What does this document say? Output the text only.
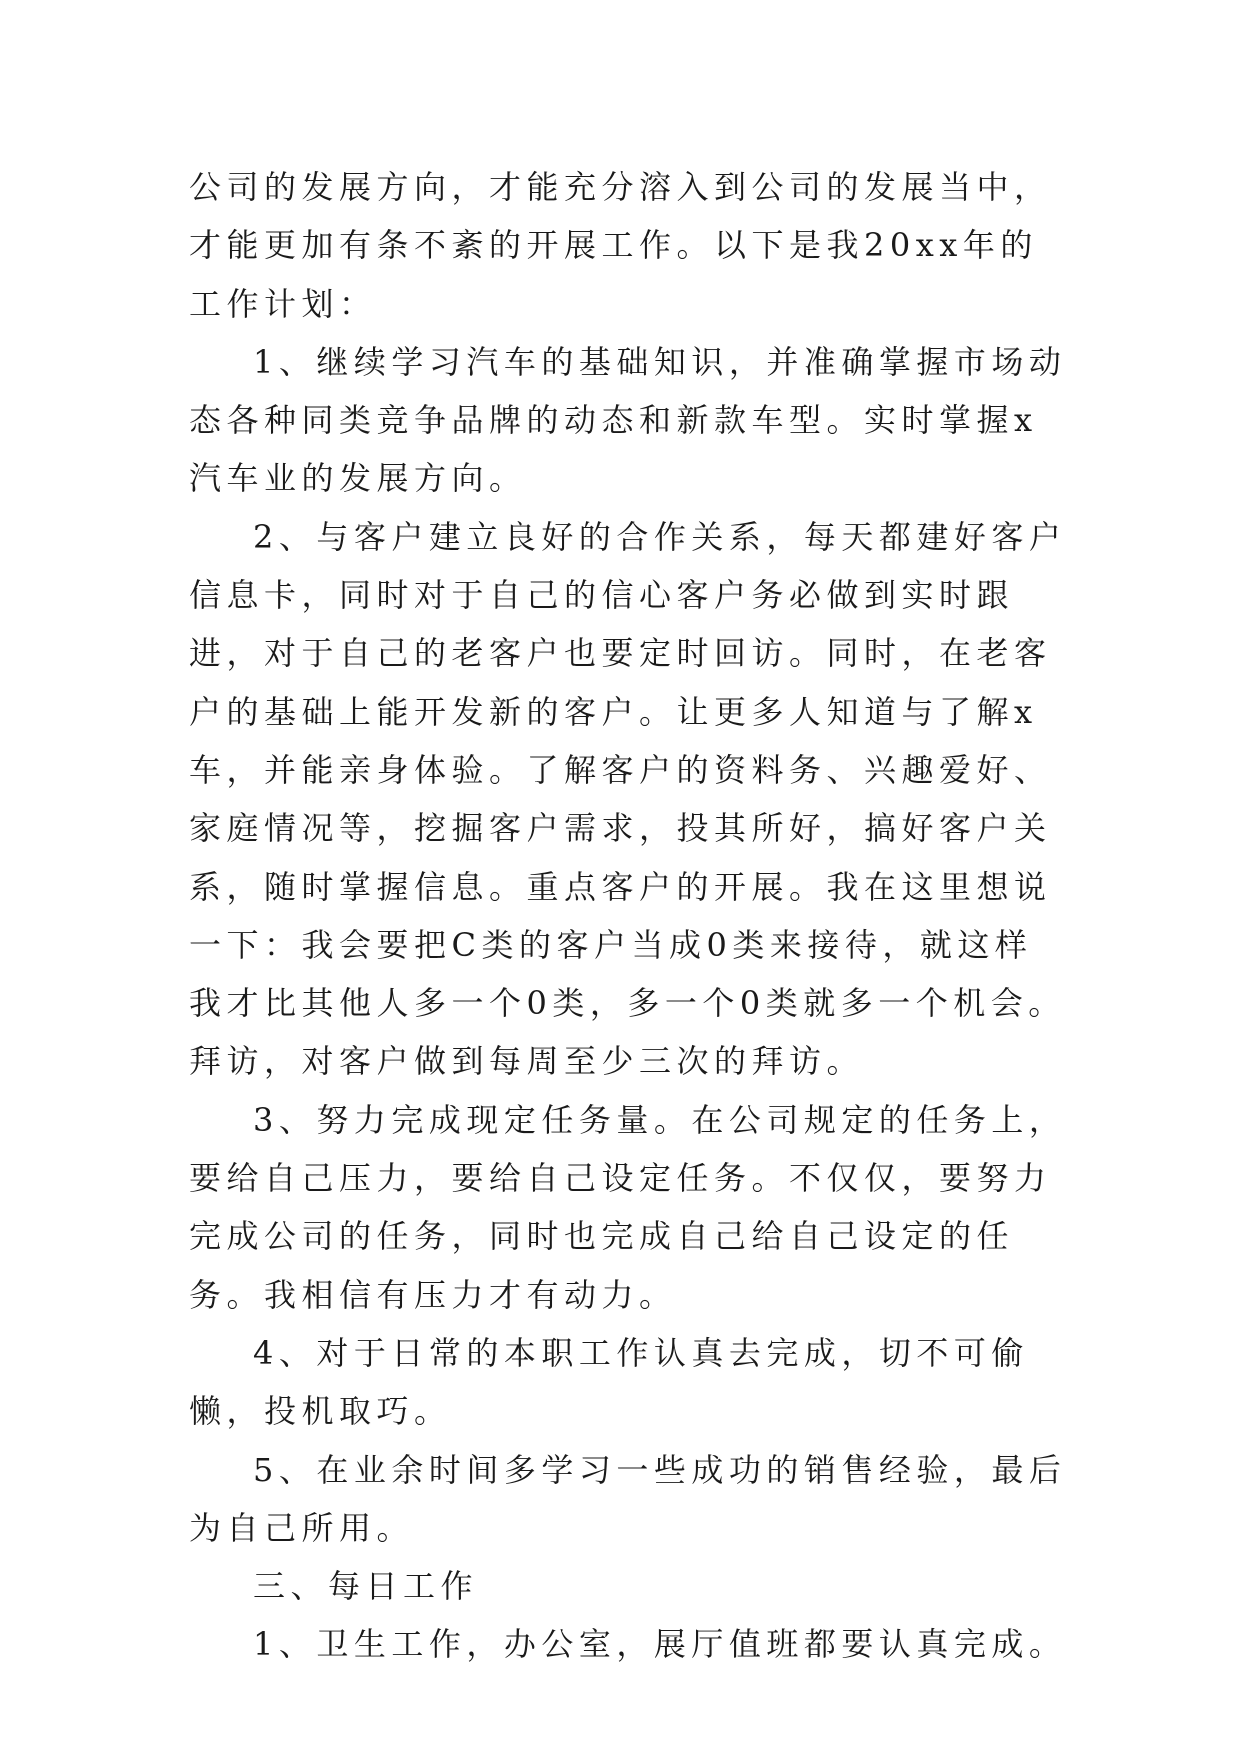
公司的发展方向，才能充分溶入到公司的发展当中，才能更加有条不紊的开展工作。以下是我20xx年的工作计划：

1、继续学习汽车的基础知识，并准确掌握市场动态各种同类竞争品牌的动态和新款车型。实时掌握x汽车业的发展方向。

2、与客户建立良好的合作关系，每天都建好客户信息卡，同时对于自己的信心客户务必做到实时跟进，对于自己的老客户也要定时回访。同时，在老客户的基础上能开发新的客户。让更多人知道与了解x车，并能亲身体验。了解客户的资料务、兴趣爱好、家庭情况等，挖掘客户需求，投其所好，搞好客户关系，随时掌握信息。重点客户的开展。我在这里想说一下：我会要把C类的客户当成0类来接待，就这样我才比其他人多一个0类，多一个0类就多一个机会。拜访，对客户做到每周至少三次的拜访。

3、努力完成现定任务量。在公司规定的任务上，要给自己压力，要给自己设定任务。不仅仅，要努力完成公司的任务，同时也完成自己给自己设定的任务。我相信有压力才有动力。

4、对于日常的本职工作认真去完成，切不可偷懒，投机取巧。

5、在业余时间多学习一些成功的销售经验，最后为自己所用。

三、每日工作

1、卫生工作，办公室，展厅值班都要认真完成。
